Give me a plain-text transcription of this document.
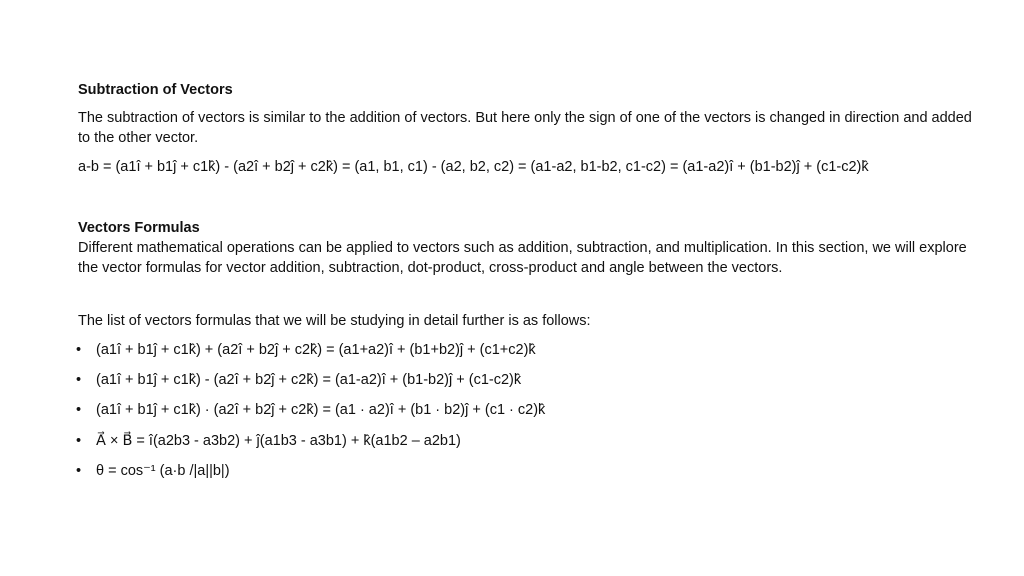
Subtraction of Vectors
The subtraction of vectors is similar to the addition of vectors. But here only the sign of one of the vectors is changed in direction and added to the other vector.
a-b = (a1î + b1ĵ + c1k̂) - (a2î + b2ĵ + c2k̂) = (a1, b1, c1) - (a2, b2, c2) = (a1-a2, b1-b2, c1-c2) = (a1-a2)î + (b1-b2)ĵ + (c1-c2)k̂
Vectors Formulas
Different mathematical operations can be applied to vectors such as addition, subtraction, and multiplication. In this section, we will explore the vector formulas for vector addition, subtraction, dot-product, cross-product and angle between the vectors.
The list of vectors formulas that we will be studying in detail further is as follows:
•(a1î + b1ĵ + c1k̂) + (a2î + b2ĵ + c2k̂) = (a1+a2)î + (b1+b2)ĵ + (c1+c2)k̂
• (a1î + b1ĵ + c1k̂) - (a2î + b2ĵ + c2k̂) = (a1-a2)î + (b1-b2)ĵ + (c1-c2)k̂
• (a1î + b1ĵ + c1k̂) · (a2î + b2ĵ + c2k̂) = (a1 · a2)î + (b1 · b2)ĵ + (c1 · c2)k̂
• A⃗ × B⃗ = î(a2b3 - a3b2) + ĵ(a1b3 - a3b1) + k̂(a1b2 – a2b1)
• θ = cos⁻¹ (a·b /|a||b|)
